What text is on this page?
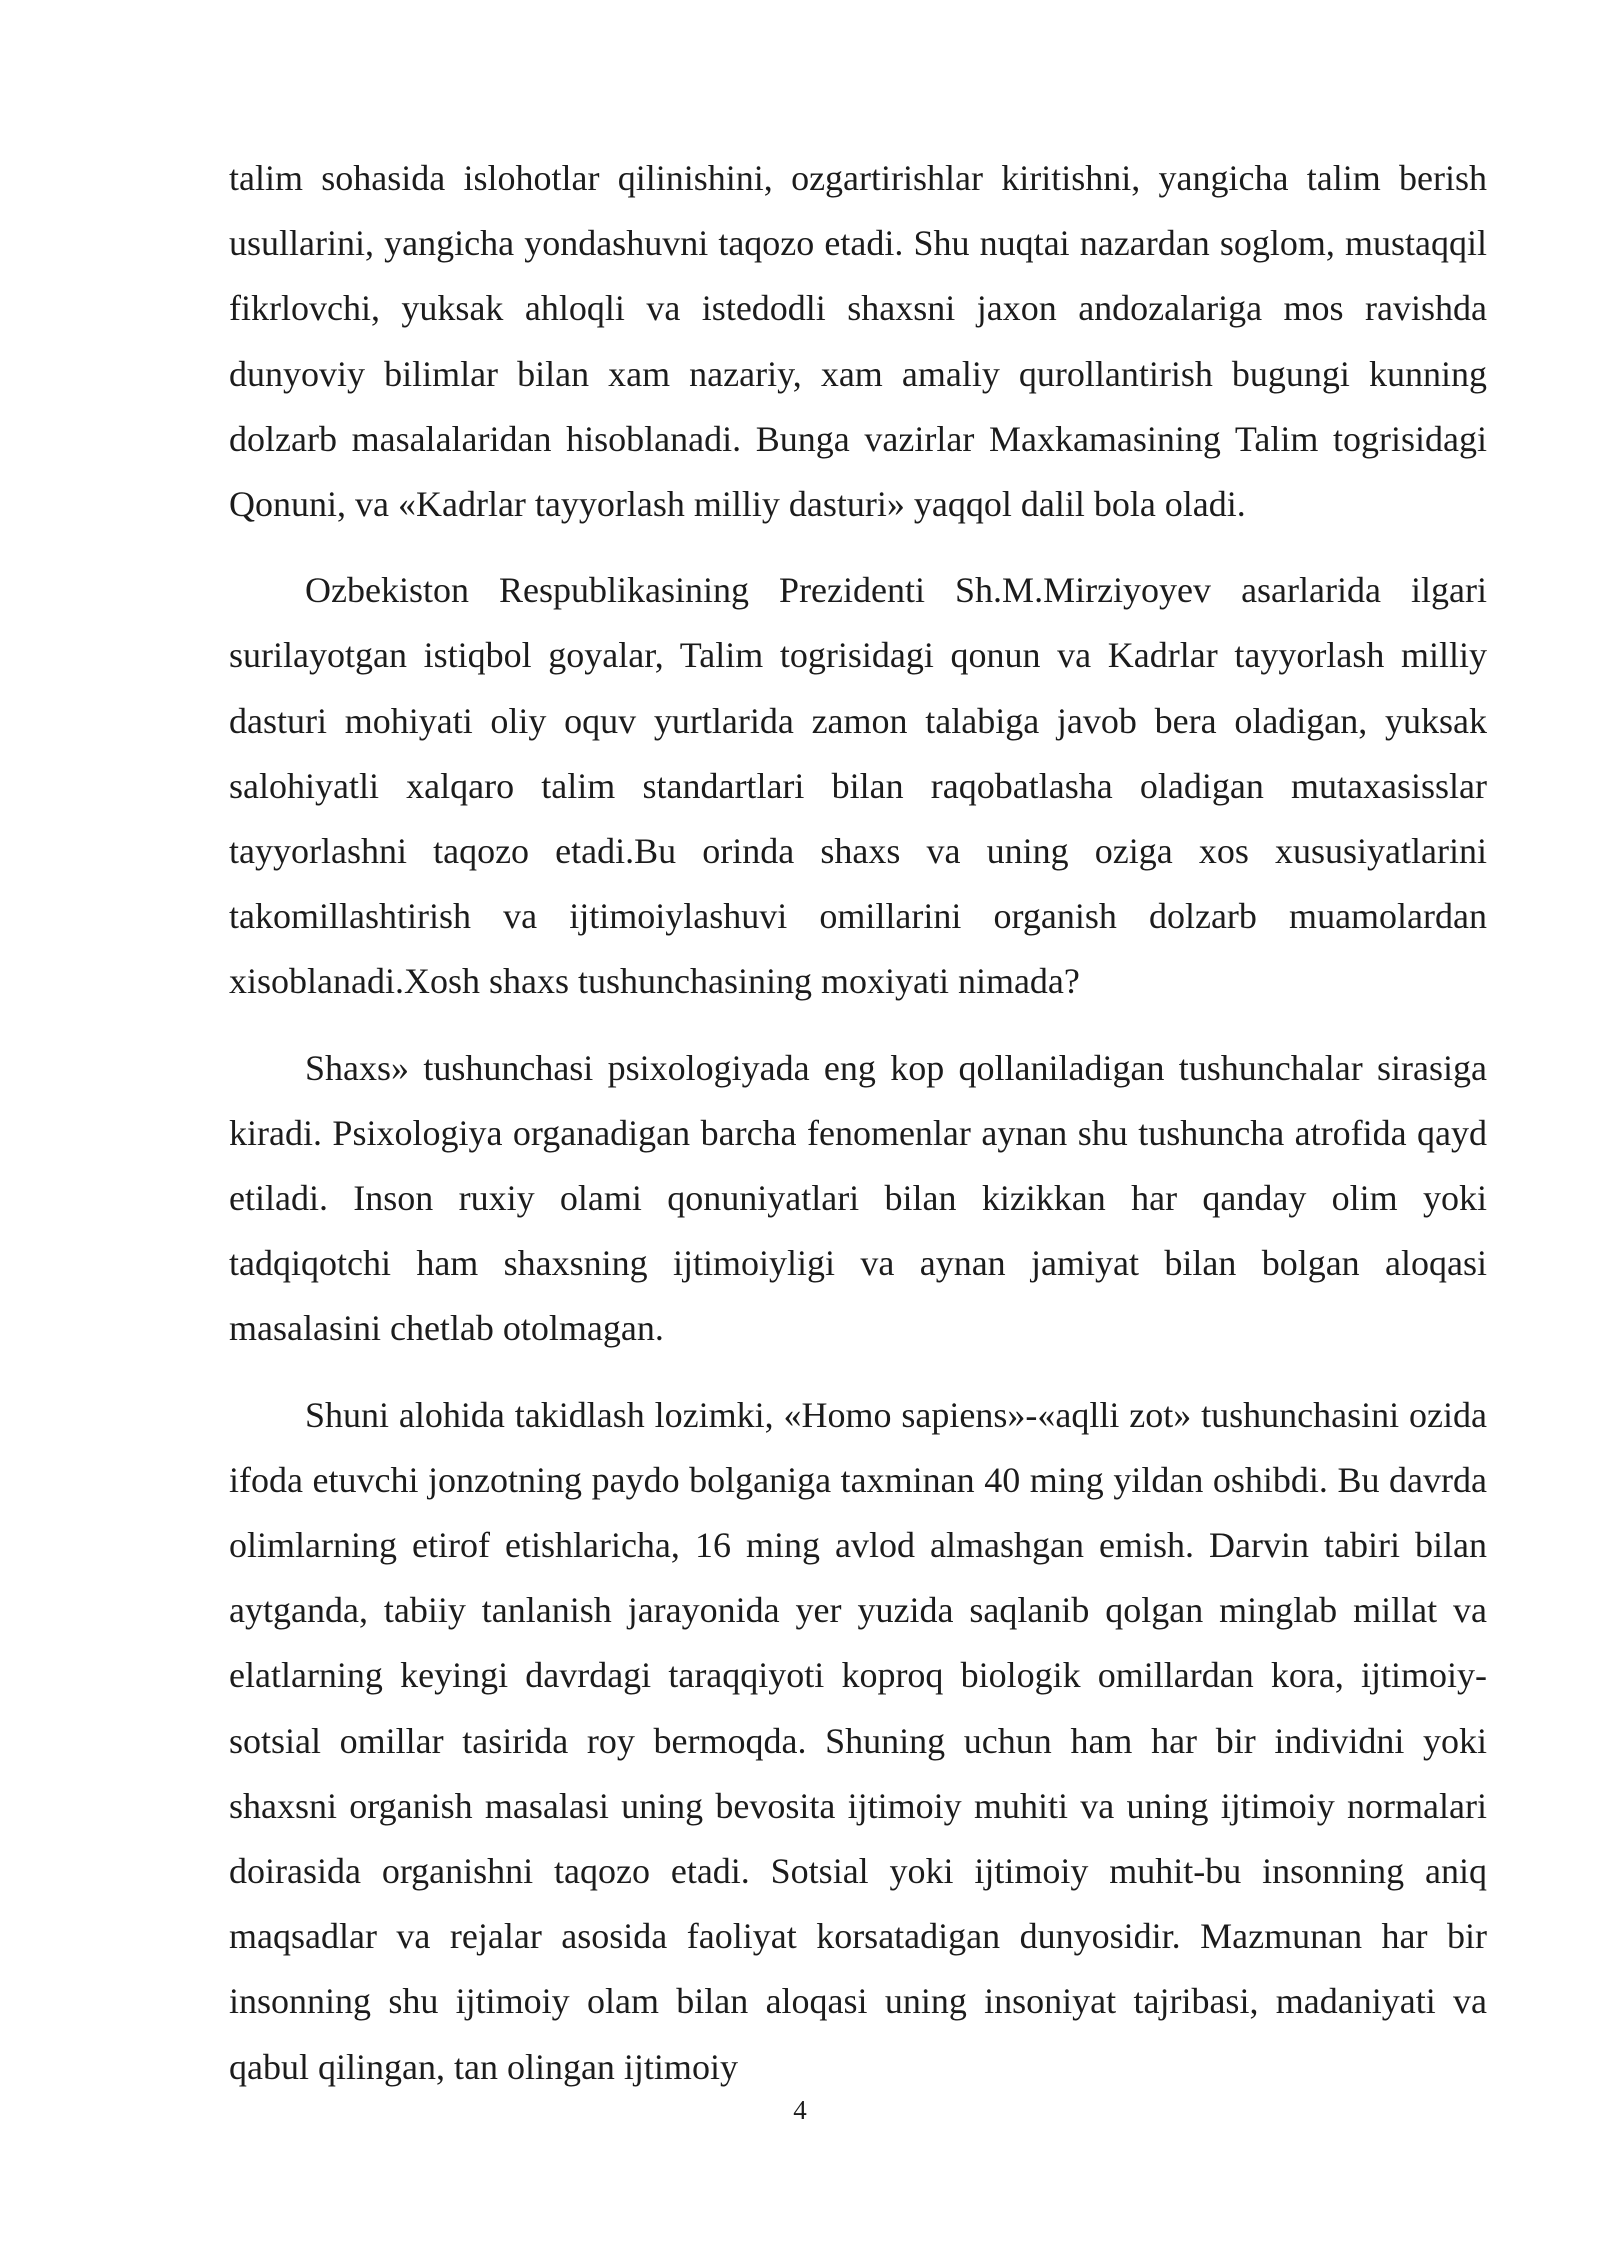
talim sohasida islohotlar qilinishini, ozgartirishlar kiritishni, yangicha talim berish usullarini, yangicha yondashuvni taqozo etadi. Shu nuqtai nazardan soglom, mustaqqil fikrlovchi, yuksak ahloqli va istedodli shaxsni jaxon andozalariga mos ravishda dunyoviy bilimlar bilan xam nazariy, xam amaliy qurollantirish bugungi kunning dolzarb masalalaridan hisoblanadi. Bunga vazirlar Maxkamasining Talim togrisidagi Qonuni, va «Kadrlar tayyorlash milliy dasturi» yaqqol dalil bola oladi.

Ozbekiston Respublikasining Prezidenti Sh.M.Mirziyoyev asarlarida ilgari surilayotgan istiqbol goyalar, Talim togrisidagi qonun va Kadrlar tayyorlash milliy dasturi mohiyati oliy oquv yurtlarida zamon talabiga javob bera oladigan, yuksak salohiyatli xalqaro talim standartlari bilan raqobatlasha oladigan mutaxasisslar tayyorlashni taqozo etadi.Bu orinda shaxs va uning oziga xos xususiyatlarini takomillashtirish va ijtimoiylashuvi omillarini organish dolzarb muamolardan xisoblanadi.Xosh shaxs tushunchasining moxiyati nimada?

Shaxs» tushunchasi psixologiyada eng kop qollaniladigan tushunchalar sirasiga kiradi. Psixologiya organadigan barcha fenomenlar aynan shu tushuncha atrofida qayd etiladi. Inson ruxiy olami qonuniyatlari bilan kizikkan har qanday olim yoki tadqiqotchi ham shaxsning ijtimoiyligi va aynan jamiyat bilan bolgan aloqasi masalasini chetlab otolmagan.

Shuni alohida takidlash lozimki, «Homo sapiens»-«aqlli zot» tushunchasini ozida ifoda etuvchi jonzotning paydo bolganiga taxminan 40 ming yildan oshibdi. Bu davrda olimlarning etirof etishlaricha, 16 ming avlod almashgan emish. Darvin tabiri bilan aytganda, tabiiy tanlanish jarayonida yer yuzida saqlanib qolgan minglab millat va elatlarning keyingi davrdagi taraqqiyoti koproq biologik omillardan kora, ijtimoiy-sotsial omillar tasirida roy bermoqda. Shuning uchun ham har bir individni yoki shaxsni organish masalasi uning bevosita ijtimoiy muhiti va uning ijtimoiy normalari doirasida organishni taqozo etadi. Sotsial yoki ijtimoiy muhit-bu insonning aniq maqsadlar va rejalar asosida faoliyat korsatadigan dunyosidir. Mazmunan har bir insonning shu ijtimoiy olam bilan aloqasi uning insoniyat tajribasi, madaniyati va qabul qilingan, tan olingan ijtimoiy

4
